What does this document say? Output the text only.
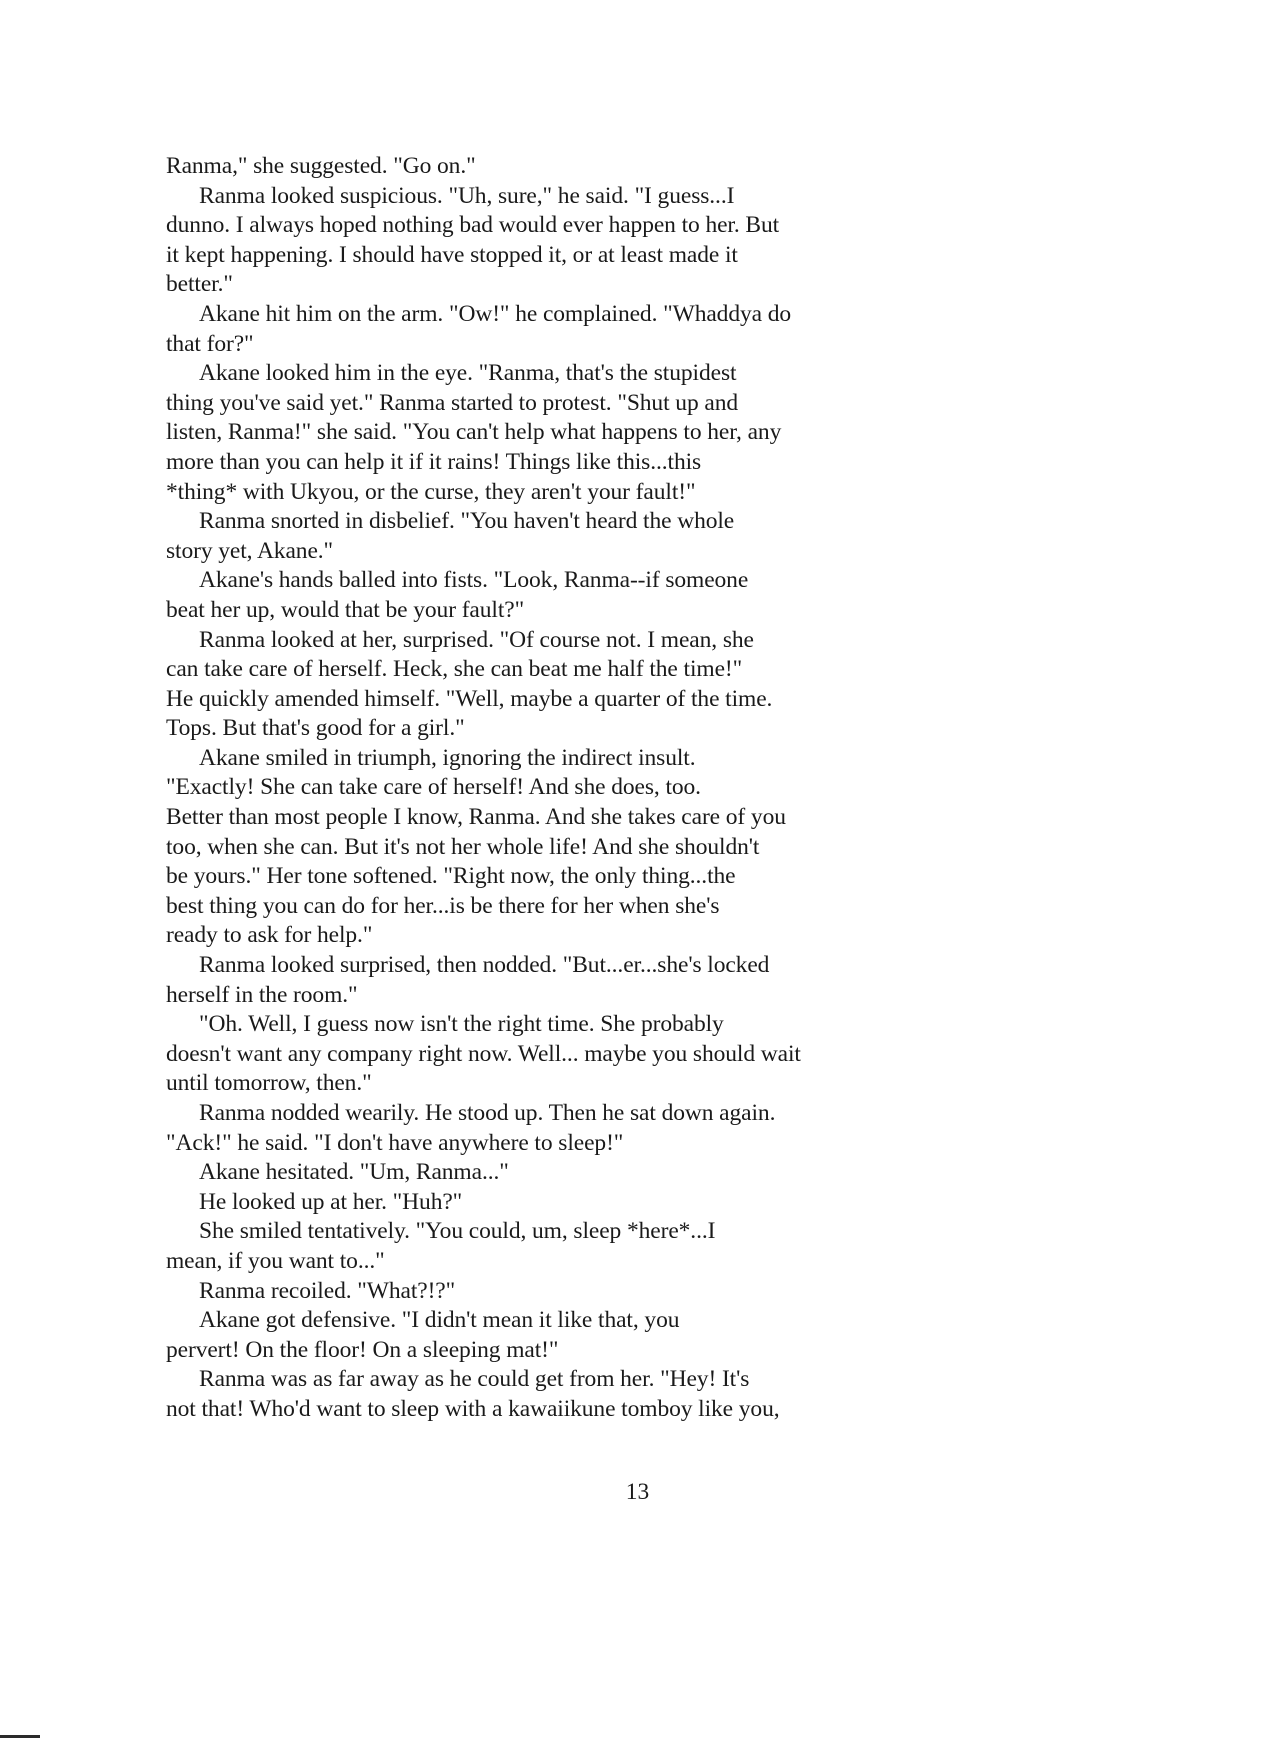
Ranma," she suggested. "Go on."
Ranma looked suspicious. "Uh, sure," he said. "I guess...I
dunno. I always hoped nothing bad would ever happen to her. But
it kept happening. I should have stopped it, or at least made it
better."
Akane hit him on the arm. "Ow!" he complained. "Whaddya do
that for?"
Akane looked him in the eye. "Ranma, that's the stupidest
thing you've said yet." Ranma started to protest. "Shut up and
listen, Ranma!" she said. "You can't help what happens to her, any
more than you can help it if it rains! Things like this...this
*thing* with Ukyou, or the curse, they aren't your fault!"
Ranma snorted in disbelief. "You haven't heard the whole
story yet, Akane."
Akane's hands balled into fists. "Look, Ranma--if someone
beat her up, would that be your fault?"
Ranma looked at her, surprised. "Of course not. I mean, she
can take care of herself. Heck, she can beat me half the time!"
He quickly amended himself. "Well, maybe a quarter of the time.
Tops. But that's good for a girl."
Akane smiled in triumph, ignoring the indirect insult.
"Exactly! She can take care of herself! And she does, too.
Better than most people I know, Ranma. And she takes care of you
too, when she can. But it's not her whole life! And she shouldn't
be yours." Her tone softened. "Right now, the only thing...the
best thing you can do for her...is be there for her when she's
ready to ask for help."
Ranma looked surprised, then nodded. "But...er...she's locked
herself in the room."
"Oh. Well, I guess now isn't the right time. She probably
doesn't want any company right now. Well... maybe you should wait
until tomorrow, then."
Ranma nodded wearily. He stood up. Then he sat down again.
"Ack!" he said. "I don't have anywhere to sleep!"
Akane hesitated. "Um, Ranma..."
He looked up at her. "Huh?"
She smiled tentatively. "You could, um, sleep *here*...I
mean, if you want to..."
Ranma recoiled. "What?!?"
Akane got defensive. "I didn't mean it like that, you
pervert! On the floor! On a sleeping mat!"
Ranma was as far away as he could get from her. "Hey! It's
not that! Who'd want to sleep with a kawaiikune tomboy like you,
13
